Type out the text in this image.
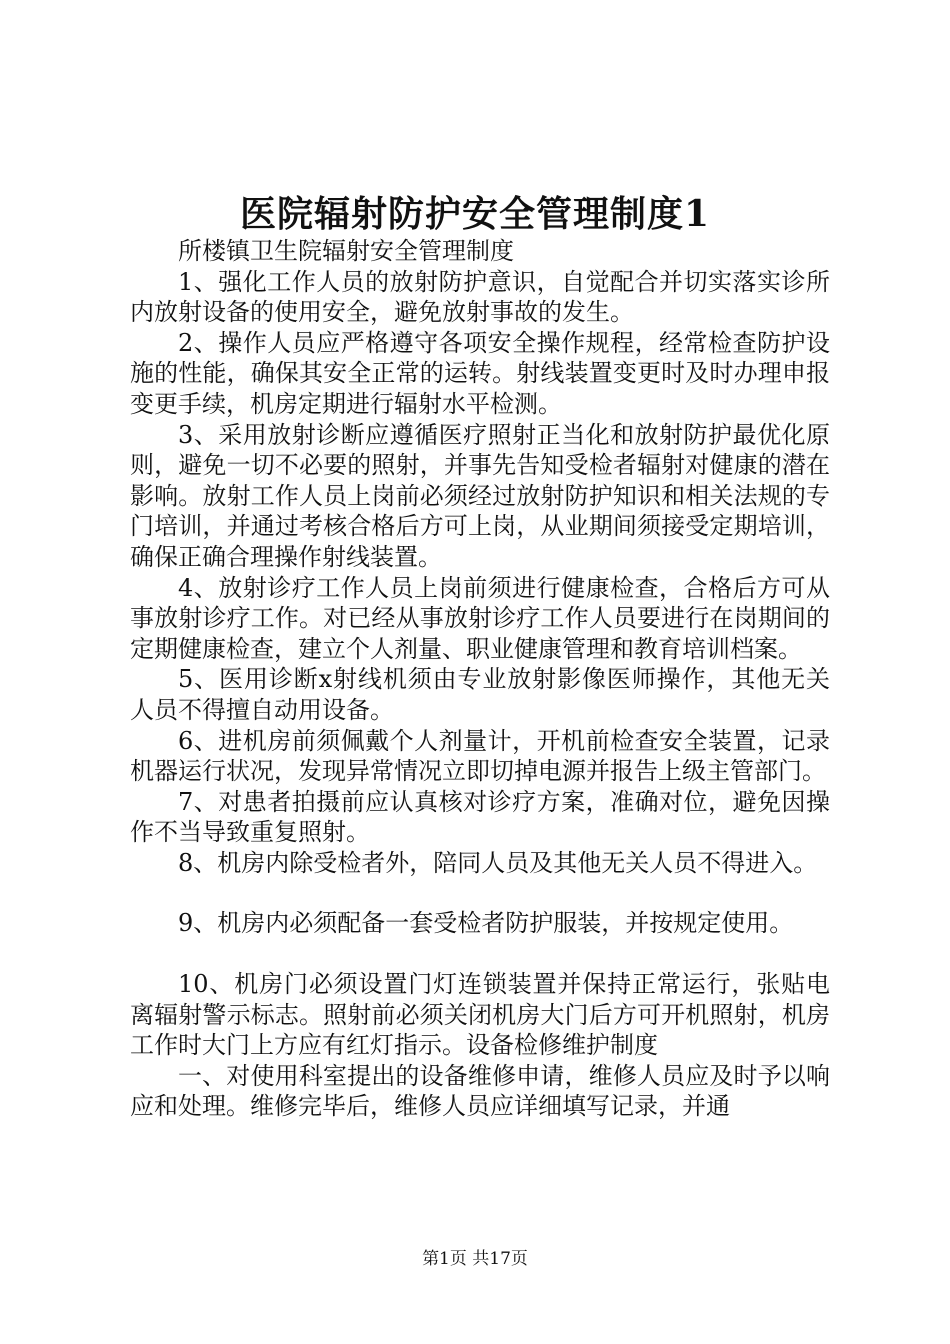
医院辐射防护安全管理制度1

所楼镇卫生院辐射安全管理制度

1、强化工作人员的放射防护意识，自觉配合并切实落实诊所内放射设备的使用安全，避免放射事故的发生。

2、操作人员应严格遵守各项安全操作规程，经常检查防护设施的性能，确保其安全正常的运转。射线装置变更时及时办理申报变更手续，机房定期进行辐射水平检测。

3、采用放射诊断应遵循医疗照射正当化和放射防护最优化原则，避免一切不必要的照射，并事先告知受检者辐射对健康的潜在影响。放射工作人员上岗前必须经过放射防护知识和相关法规的专门培训，并通过考核合格后方可上岗，从业期间须接受定期培训，确保正确合理操作射线装置。

4、放射诊疗工作人员上岗前须进行健康检查，合格后方可从事放射诊疗工作。对已经从事放射诊疗工作人员要进行在岗期间的定期健康检查，建立个人剂量、职业健康管理和教育培训档案。

5、医用诊断x射线机须由专业放射影像医师操作，其他无关人员不得擅自动用设备。

6、进机房前须佩戴个人剂量计，开机前检查安全装置，记录机器运行状况，发现异常情况立即切掉电源并报告上级主管部门。

7、对患者拍摄前应认真核对诊疗方案，准确对位，避免因操作不当导致重复照射。

8、机房内除受检者外，陪同人员及其他无关人员不得进入。

9、机房内必须配备一套受检者防护服装，并按规定使用。

10、机房门必须设置门灯连锁装置并保持正常运行，张贴电离辐射警示标志。照射前必须关闭机房大门后方可开机照射，机房工作时大门上方应有红灯指示。设备检修维护制度

一、对使用科室提出的设备维修申请，维修人员应及时予以响应和处理。维修完毕后，维修人员应详细填写记录，并通

第1页 共17页
